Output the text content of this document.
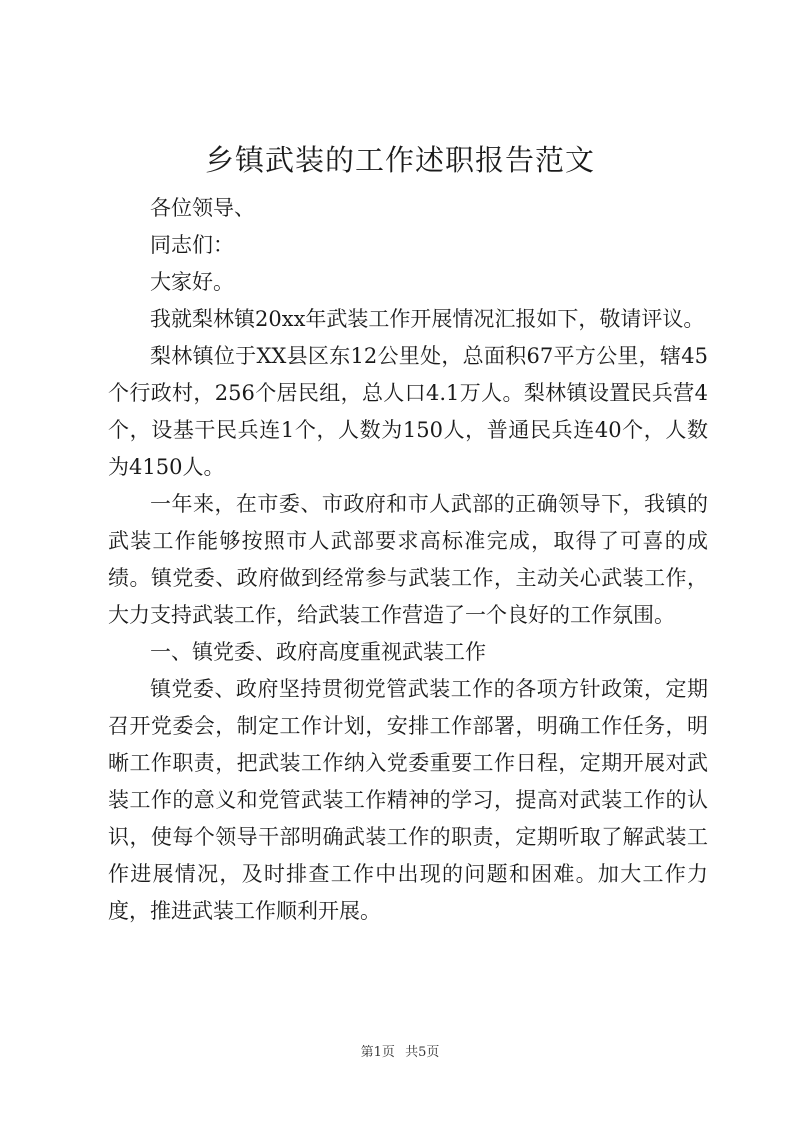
乡镇武装的工作述职报告范文

各位领导、

同志们：

大家好。

我就梨林镇20xx年武装工作开展情况汇报如下，敬请评议。

梨林镇位于XX县区东12公里处，总面积67平方公里，辖45个行政村，256个居民组，总人口4.1万人。梨林镇设置民兵营4个，设基干民兵连1个，人数为150人，普通民兵连40个，人数为4150人。

一年来，在市委、市政府和市人武部的正确领导下，我镇的武装工作能够按照市人武部要求高标准完成，取得了可喜的成绩。镇党委、政府做到经常参与武装工作，主动关心武装工作，大力支持武装工作，给武装工作营造了一个良好的工作氛围。

一、镇党委、政府高度重视武装工作

镇党委、政府坚持贯彻党管武装工作的各项方针政策，定期召开党委会，制定工作计划，安排工作部署，明确工作任务，明晰工作职责，把武装工作纳入党委重要工作日程，定期开展对武装工作的意义和党管武装工作精神的学习，提高对武装工作的认识，使每个领导干部明确武装工作的职责，定期听取了解武装工作进展情况，及时排查工作中出现的问题和困难。加大工作力度，推进武装工作顺利开展。

第1页 共5页
